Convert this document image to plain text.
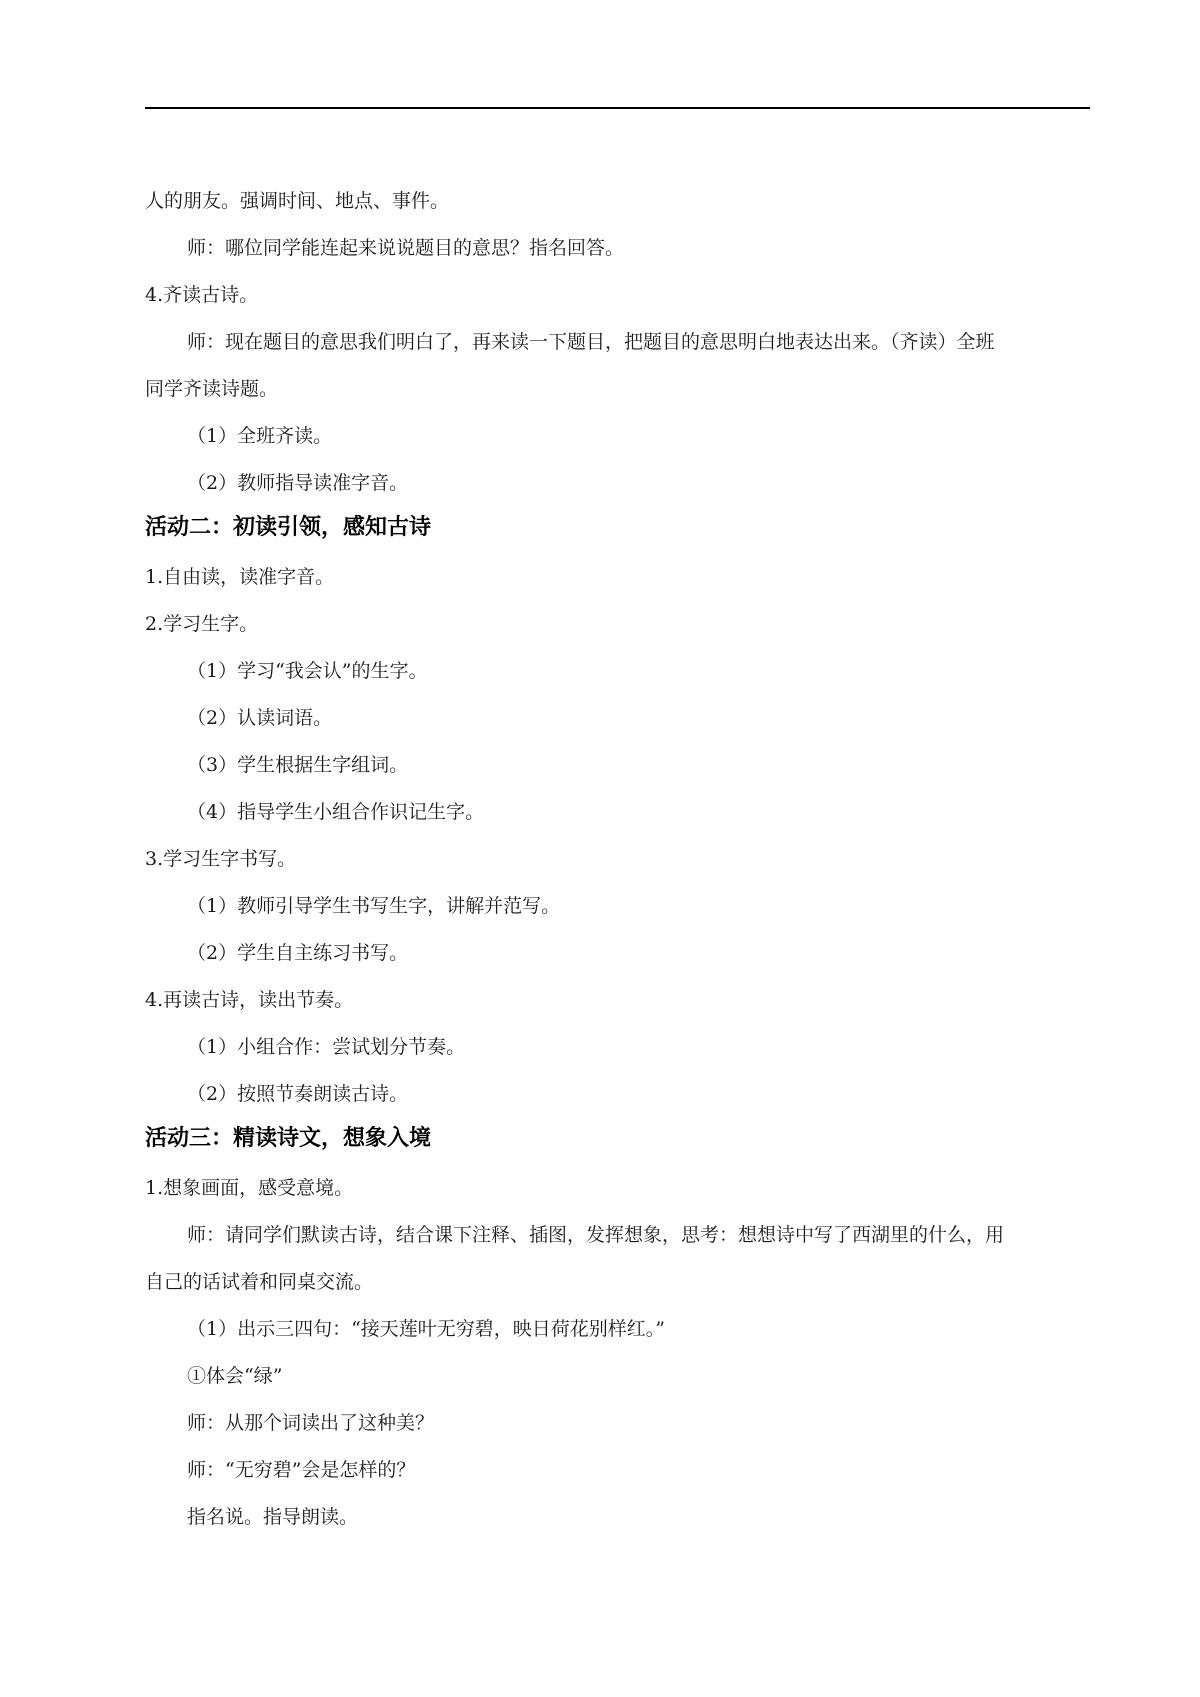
人的朋友。强调时间、地点、事件。
师：哪位同学能连起来说说题目的意思？指名回答。
4.齐读古诗。
师：现在题目的意思我们明白了，再来读一下题目，把题目的意思明白地表达出来。（齐读）全班
同学齐读诗题。
（1）全班齐读。
（2）教师指导读准字音。
活动二：初读引领，感知古诗
1.自由读，读准字音。
2.学习生字。
（1）学习“我会认”的生字。
（2）认读词语。
（3）学生根据生字组词。
（4）指导学生小组合作识记生字。
3.学习生字书写。
（1）教师引导学生书写生字，讲解并范写。
（2）学生自主练习书写。
4.再读古诗，读出节奏。
（1）小组合作：尝试划分节奏。
（2）按照节奏朗读古诗。
活动三：精读诗文，想象入境
1.想象画面，感受意境。
师：请同学们默读古诗，结合课下注释、插图，发挥想象，思考：想想诗中写了西湖里的什么，用
自己的话试着和同桌交流。
（1）出示三四句：“接天莲叶无穷碧，映日荷花别样红。”
①体会“绿”
师：从那个词读出了这种美？
师：“无穷碧”会是怎样的？
指名说。指导朗读。
